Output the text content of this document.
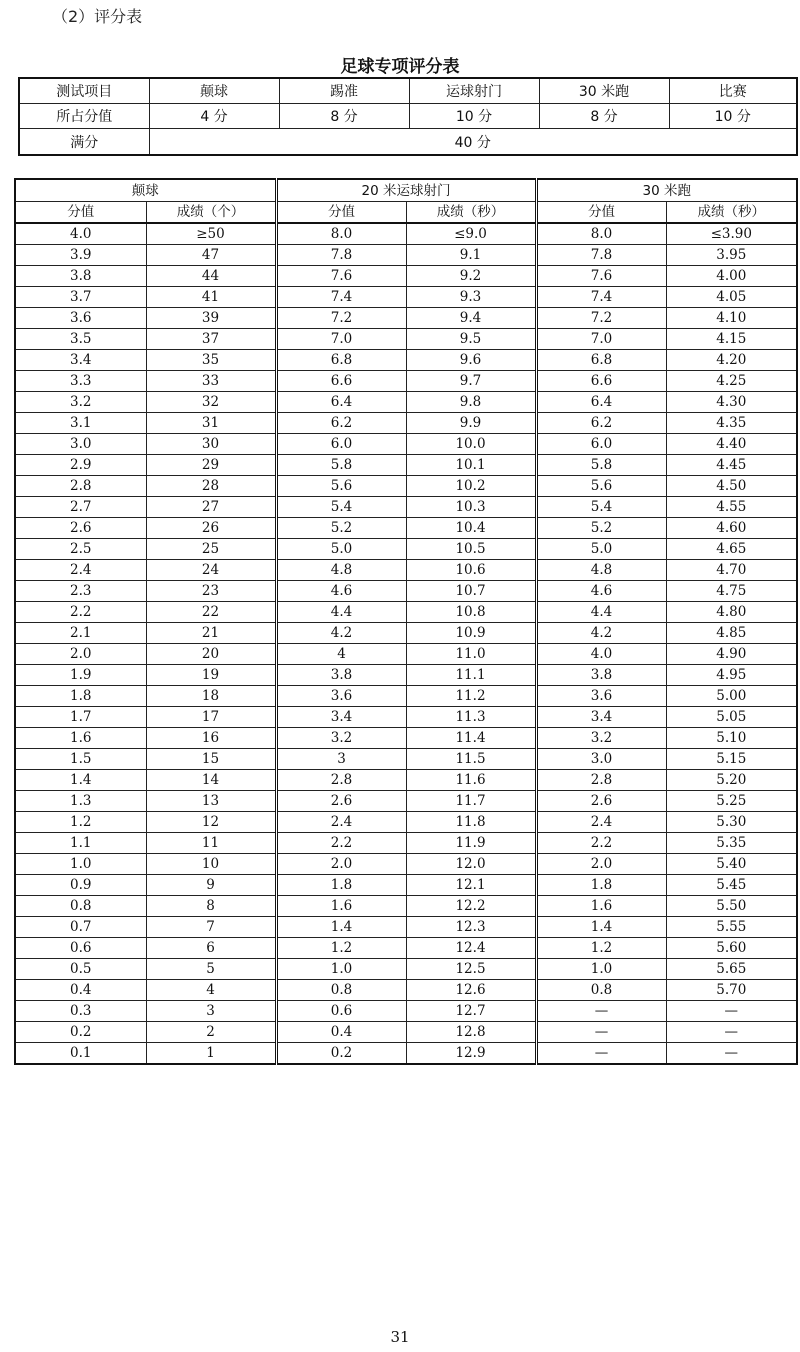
（2）评分表
足球专项评分表
测试项目	颠球	踢准	运球射门	30 米跑	比赛
所占分值	4 分	8 分	10 分	8 分	10 分
满分	40 分				
颠球		20 米运球射门		30 米跑	
分值	成绩（个）	分值	成绩（秒）	分值	成绩（秒）
4.0	≥50	8.0	≤9.0	8.0	≤3.90
3.9	47	7.8	9.1	7.8	3.95
3.8	44	7.6	9.2	7.6	4.00
3.7	41	7.4	9.3	7.4	4.05
3.6	39	7.2	9.4	7.2	4.10
3.5	37	7.0	9.5	7.0	4.15
3.4	35	6.8	9.6	6.8	4.20
3.3	33	6.6	9.7	6.6	4.25
3.2	32	6.4	9.8	6.4	4.30
3.1	31	6.2	9.9	6.2	4.35
3.0	30	6.0	10.0	6.0	4.40
2.9	29	5.8	10.1	5.8	4.45
2.8	28	5.6	10.2	5.6	4.50
2.7	27	5.4	10.3	5.4	4.55
2.6	26	5.2	10.4	5.2	4.60
2.5	25	5.0	10.5	5.0	4.65
2.4	24	4.8	10.6	4.8	4.70
2.3	23	4.6	10.7	4.6	4.75
2.2	22	4.4	10.8	4.4	4.80
2.1	21	4.2	10.9	4.2	4.85
2.0	20	4	11.0	4.0	4.90
1.9	19	3.8	11.1	3.8	4.95
1.8	18	3.6	11.2	3.6	5.00
1.7	17	3.4	11.3	3.4	5.05
1.6	16	3.2	11.4	3.2	5.10
1.5	15	3	11.5	3.0	5.15
1.4	14	2.8	11.6	2.8	5.20
1.3	13	2.6	11.7	2.6	5.25
1.2	12	2.4	11.8	2.4	5.30
1.1	11	2.2	11.9	2.2	5.35
1.0	10	2.0	12.0	2.0	5.40
0.9	9	1.8	12.1	1.8	5.45
0.8	8	1.6	12.2	1.6	5.50
0.7	7	1.4	12.3	1.4	5.55
0.6	6	1.2	12.4	1.2	5.60
0.5	5	1.0	12.5	1.0	5.65
0.4	4	0.8	12.6	0.8	5.70
0.3	3	0.6	12.7	—	—
0.2	2	0.4	12.8	—	—
0.1	1	0.2	12.9	—	—
31
